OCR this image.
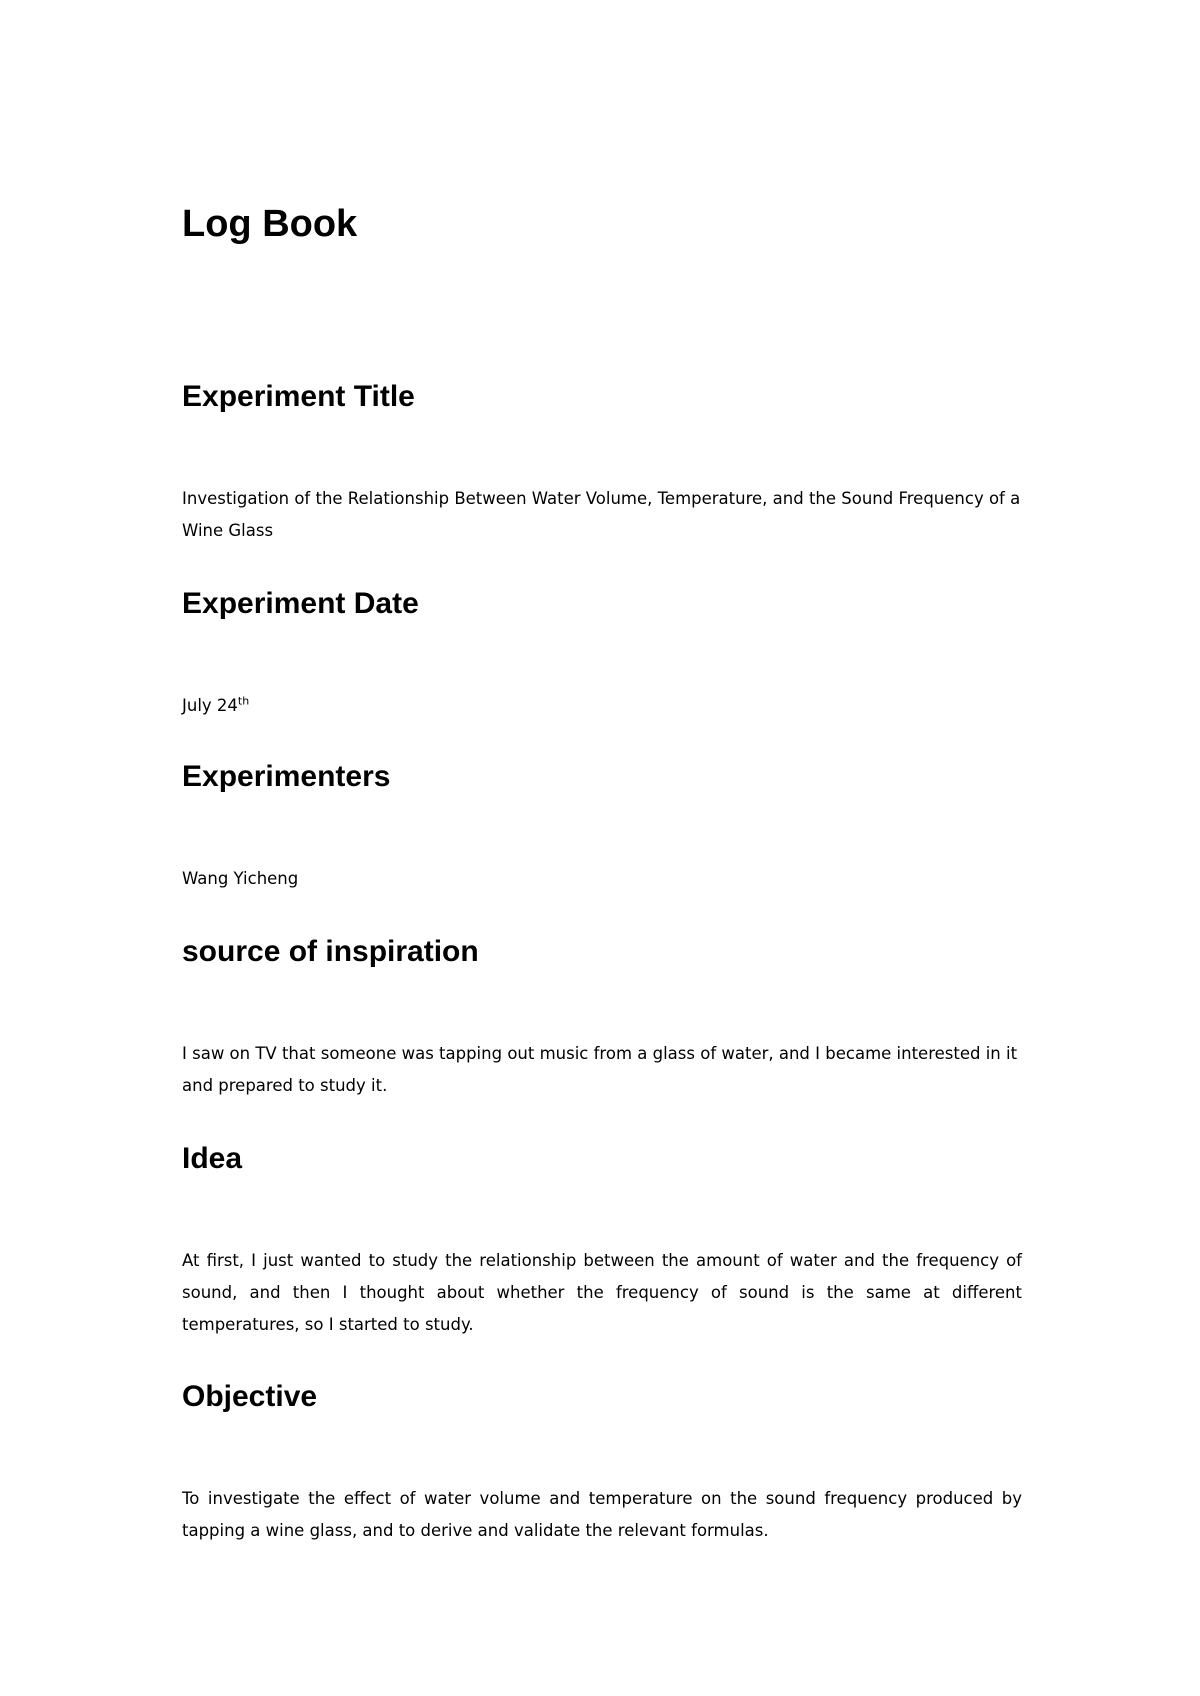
Log Book
Experiment Title

Investigation of the Relationship Between Water Volume, Temperature, and the Sound Frequency of a Wine Glass

Experiment Date

July 24th

Experimenters

Wang Yicheng

source of inspiration

I saw on TV that someone was tapping out music from a glass of water, and I became interested in it and prepared to study it.

Idea

At first, I just wanted to study the relationship between the amount of water and the frequency of sound, and then I thought about whether the frequency of sound is the same at different temperatures, so I started to study.

Objective

To investigate the effect of water volume and temperature on the sound frequency produced by tapping a wine glass, and to derive and validate the relevant formulas.
